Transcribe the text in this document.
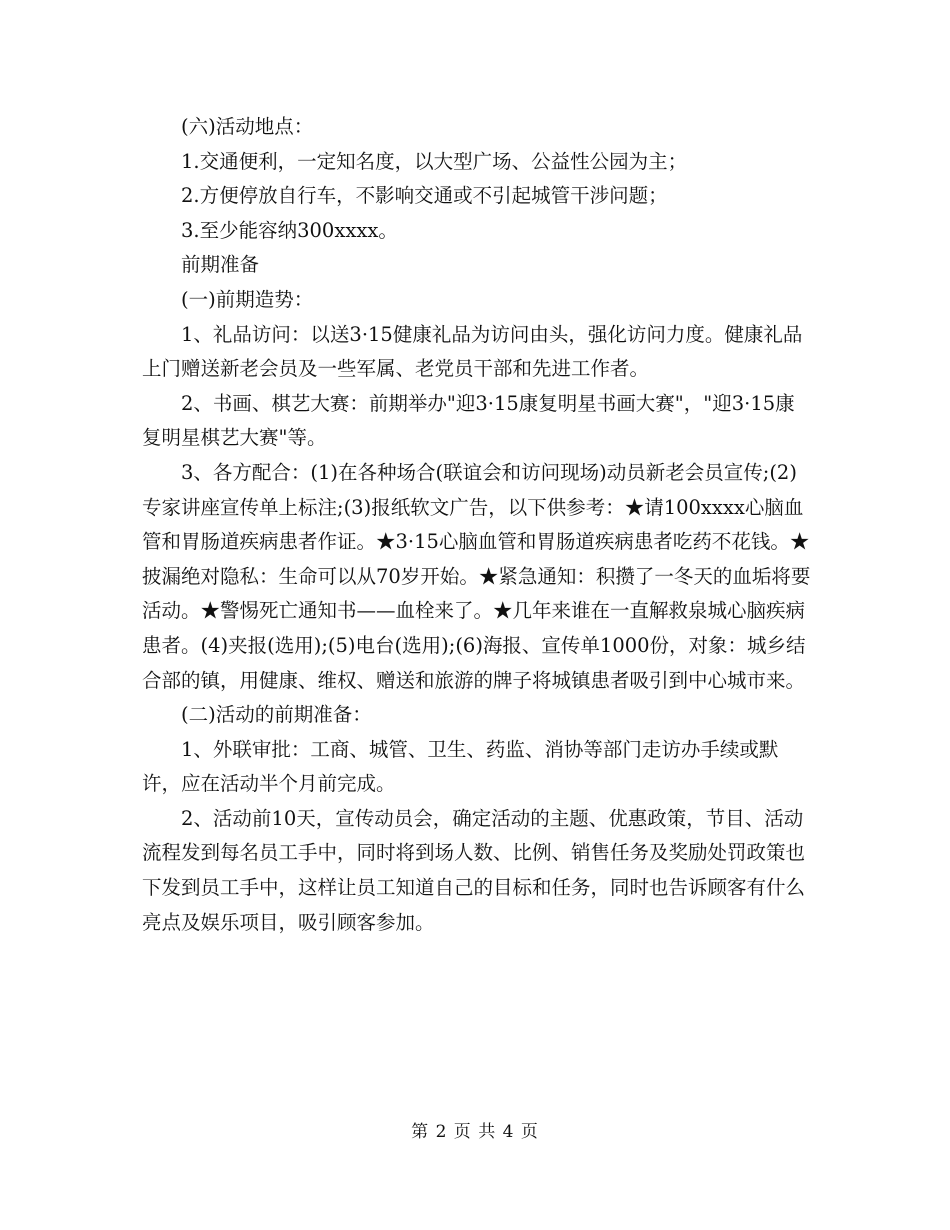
(六)活动地点：

1.交通便利，一定知名度，以大型广场、公益性公园为主；

2.方便停放自行车，不影响交通或不引起城管干涉问题；

3.至少能容纳300xxxx。

前期准备

(一)前期造势：

1、礼品访问：以送3·15健康礼品为访问由头，强化访问力度。健康礼品上门赠送新老会员及一些军属、老党员干部和先进工作者。

2、书画、棋艺大赛：前期举办"迎3·15康复明星书画大赛"，"迎3·15康复明星棋艺大赛"等。

3、各方配合：(1)在各种场合(联谊会和访问现场)动员新老会员宣传;(2)专家讲座宣传单上标注;(3)报纸软文广告，以下供参考：★请100xxxx心脑血管和胃肠道疾病患者作证。★3·15心脑血管和胃肠道疾病患者吃药不花钱。★披漏绝对隐私：生命可以从70岁开始。★紧急通知：积攒了一冬天的血垢将要活动。★警惕死亡通知书——血栓来了。★几年来谁在一直解救泉城心脑疾病患者。(4)夹报(选用);(5)电台(选用);(6)海报、宣传单1000份，对象：城乡结合部的镇，用健康、维权、赠送和旅游的牌子将城镇患者吸引到中心城市来。

(二)活动的前期准备：

1、外联审批：工商、城管、卫生、药监、消协等部门走访办手续或默许，应在活动半个月前完成。

2、活动前10天，宣传动员会，确定活动的主题、优惠政策，节目、活动流程发到每名员工手中，同时将到场人数、比例、销售任务及奖励处罚政策也下发到员工手中，这样让员工知道自己的目标和任务，同时也告诉顾客有什么亮点及娱乐项目，吸引顾客参加。

第 2 页 共 4 页
